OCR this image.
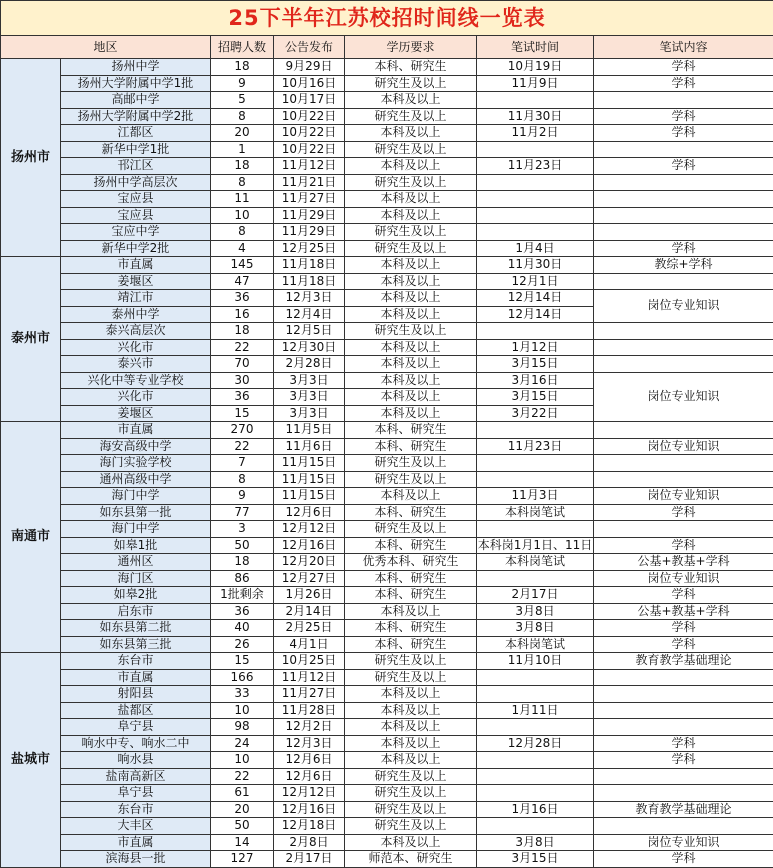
25下半年江苏校招时间线一览表						
地区		招聘人数	公告发布	学历要求	笔试时间	笔试内容
扬州市	扬州中学	18	9月29日	本科、研究生	10月19日	学科
	扬州大学附属中学1批	9	10月16日	研究生及以上	11月9日	学科
	高邮中学	5	10月17日	本科及以上		
	扬州大学附属中学2批	8	10月22日	研究生及以上	11月30日	学科
	江都区	20	10月22日	本科及以上	11月2日	学科
	新华中学1批	1	10月22日	研究生及以上		
	邗江区	18	11月12日	本科及以上	11月23日	学科
	扬州中学高层次	8	11月21日	研究生及以上		
	宝应县	11	11月27日	本科及以上		
	宝应县	10	11月29日	本科及以上		
	宝应中学	8	11月29日	研究生及以上		
	新华中学2批	4	12月25日	研究生及以上	1月4日	学科
泰州市	市直属	145	11月18日	本科及以上	11月30日	教综+学科
	姜堰区	47	11月18日	本科及以上	12月1日	
	靖江市	36	12月3日	本科及以上	12月14日	岗位专业知识
	泰州中学	16	12月4日	本科及以上	12月14日	
	泰兴高层次	18	12月5日	研究生及以上		
	兴化市	22	12月30日	本科及以上	1月12日	
	泰兴市	70	2月28日	本科及以上	3月15日	
	兴化中等专业学校	30	3月3日	本科及以上	3月16日	岗位专业知识
	兴化市	36	3月3日	本科及以上	3月15日	
	姜堰区	15	3月3日	本科及以上	3月22日	
南通市	市直属	270	11月5日	本科、研究生		
	海安高级中学	22	11月6日	本科、研究生	11月23日	岗位专业知识
	海门实验学校	7	11月15日	研究生及以上		
	通州高级中学	8	11月15日	研究生及以上		
	海门中学	9	11月15日	本科及以上	11月3日	岗位专业知识
	如东县第一批	77	12月6日	本科、研究生	本科岗笔试	学科
	海门中学	3	12月12日	研究生及以上		
	如皋1批	50	12月16日	本科、研究生	本科岗1月1日、11日	学科
	通州区	18	12月20日	优秀本科、研究生	本科岗笔试	公基+教基+学科
	海门区	86	12月27日	本科、研究生		岗位专业知识
	如皋2批	1批剩余	1月26日	本科、研究生	2月17日	学科
	启东市	36	2月14日	本科及以上	3月8日	公基+教基+学科
	如东县第二批	40	2月25日	本科、研究生	3月8日	学科
	如东县第三批	26	4月1日	本科、研究生	本科岗笔试	学科
盐城市	东台市	15	10月25日	研究生及以上	11月10日	教育教学基础理论
	市直属	166	11月12日	研究生及以上		
	射阳县	33	11月27日	本科及以上		
	盐都区	10	11月28日	本科及以上	1月11日	
	阜宁县	98	12月2日	本科及以上		
	响水中专、响水二中	24	12月3日	本科及以上	12月28日	学科
	响水县	10	12月6日	本科及以上		学科
	盐南高新区	22	12月6日	研究生及以上		
	阜宁县	61	12月12日	研究生及以上		
	东台市	20	12月16日	研究生及以上	1月16日	教育教学基础理论
	大丰区	50	12月18日	研究生及以上		
	市直属	14	2月8日	本科及以上	3月8日	岗位专业知识
	滨海县一批	127	2月17日	师范本、研究生	3月15日	学科
